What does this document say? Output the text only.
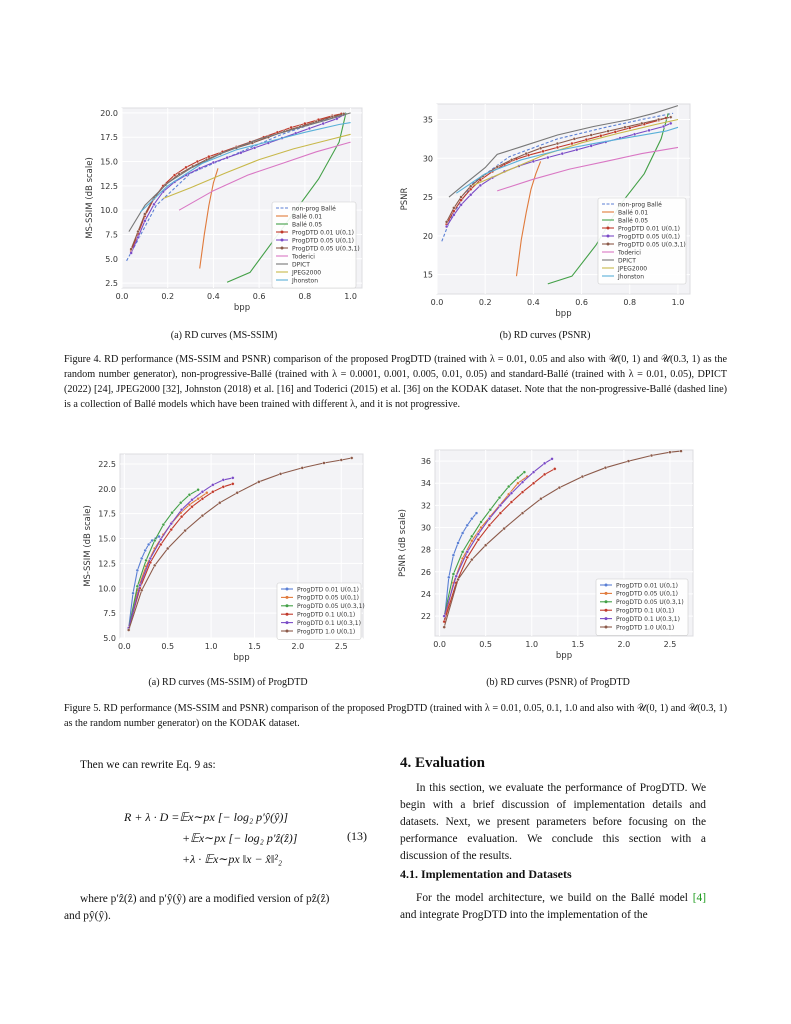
0.0	0.2	0.4	0.6	0.8	1.0
2.5
5.0
7.5
10.0
12.5
15.0
17.5
20.0
bpp
MS-SSIM (dB scale)	non-prog Ballé
Ballé 0.01
Ballé 0.05
ProgDTD 0.01 U(0,1)
ProgDTD 0.05 U(0,1)
ProgDTD 0.05 U(0.3,1)
Toderici
DPICT
JPEG2000
Jhonston
0.0	0.2	0.4	0.6	0.8	1.0
15
20
25
30
35
bpp
PSNR	non-prog Ballé
Ballé 0.01
Ballé 0.05
ProgDTD 0.01 U(0,1)
ProgDTD 0.05 U(0,1)
ProgDTD 0.05 U(0.3,1)
Toderici
DPICT
JPEG2000
Jhonston
(a) RD curves (MS-SSIM)	(b) RD curves (PSNR)
Figure 4. RD performance (MS-SSIM and PSNR) comparison of the proposed ProgDTD (trained with λ = 0.01, 0.05 and also with 𝒰(0, 1) and 𝒰(0.3, 1) as the random number generator), non-progressive-Ballé (trained with λ = 0.0001, 0.001, 0.005, 0.01, 0.05) and standard-Ballé (trained with λ = 0.01, 0.05), DPICT (2022) [24], JPEG2000 [32], Johnston (2018) et al. [16] and Toderici (2015) et al. [36] on the KODAK dataset. Note that the non-progressive-Ballé (dashed line) is a collection of Ballé models which have been trained with different λ, and it is not progressive.
0.0	0.5	1.0	1.5	2.0	2.5
5.0
7.5
10.0
12.5
15.0
17.5
20.0
22.5
bpp
MS-SSIM (dB scale)
ProgDTD 0.01 U(0,1)
ProgDTD 0.05 U(0,1)
ProgDTD 0.05 U(0.3,1)
ProgDTD 0.1 U(0,1)
ProgDTD 0.1 U(0.3,1)
ProgDTD 1.0 U(0,1)
0.0	0.5	1.0	1.5	2.0	2.5
22
24
26
28
30
32
34
36
bpp
PSNR (dB scale)
ProgDTD 0.01 U(0,1)
ProgDTD 0.05 U(0,1)
ProgDTD 0.05 U(0.3,1)
ProgDTD 0.1 U(0,1)
ProgDTD 0.1 U(0.3,1)
ProgDTD 1.0 U(0,1)
(a) RD curves (MS-SSIM) of ProgDTD	(b) RD curves (PSNR) of ProgDTD
Figure 5. RD performance (MS-SSIM and PSNR) comparison of the proposed ProgDTD (trained with λ = 0.01, 0.05, 0.1, 1.0 and also with 𝒰(0, 1) and 𝒰(0.3, 1) as the random number generator) on the KODAK dataset.
Then we can rewrite Eq. 9 as:
R + λ · D =𝔼x∼px [− log₂ p′ŷ(ŷ)]
+𝔼x∼px [− log₂ p′ẑ(ẑ)]
+λ · 𝔼x∼px ‖x − x̂‖²₂
(13)
where p′ẑ(ẑ) and p′ŷ(ŷ) are a modified version of pẑ(ẑ)
and pŷ(ŷ).
4. Evaluation
In this section, we evaluate the performance of ProgDTD. We begin with a brief discussion of implementation details and datasets. Next, we present parameters before focusing on the performance evaluation. We conclude this section with a discussion of the results.
4.1. Implementation and Datasets
For the model architecture, we build on the Ballé model [4] and integrate ProgDTD into the implementation of the
